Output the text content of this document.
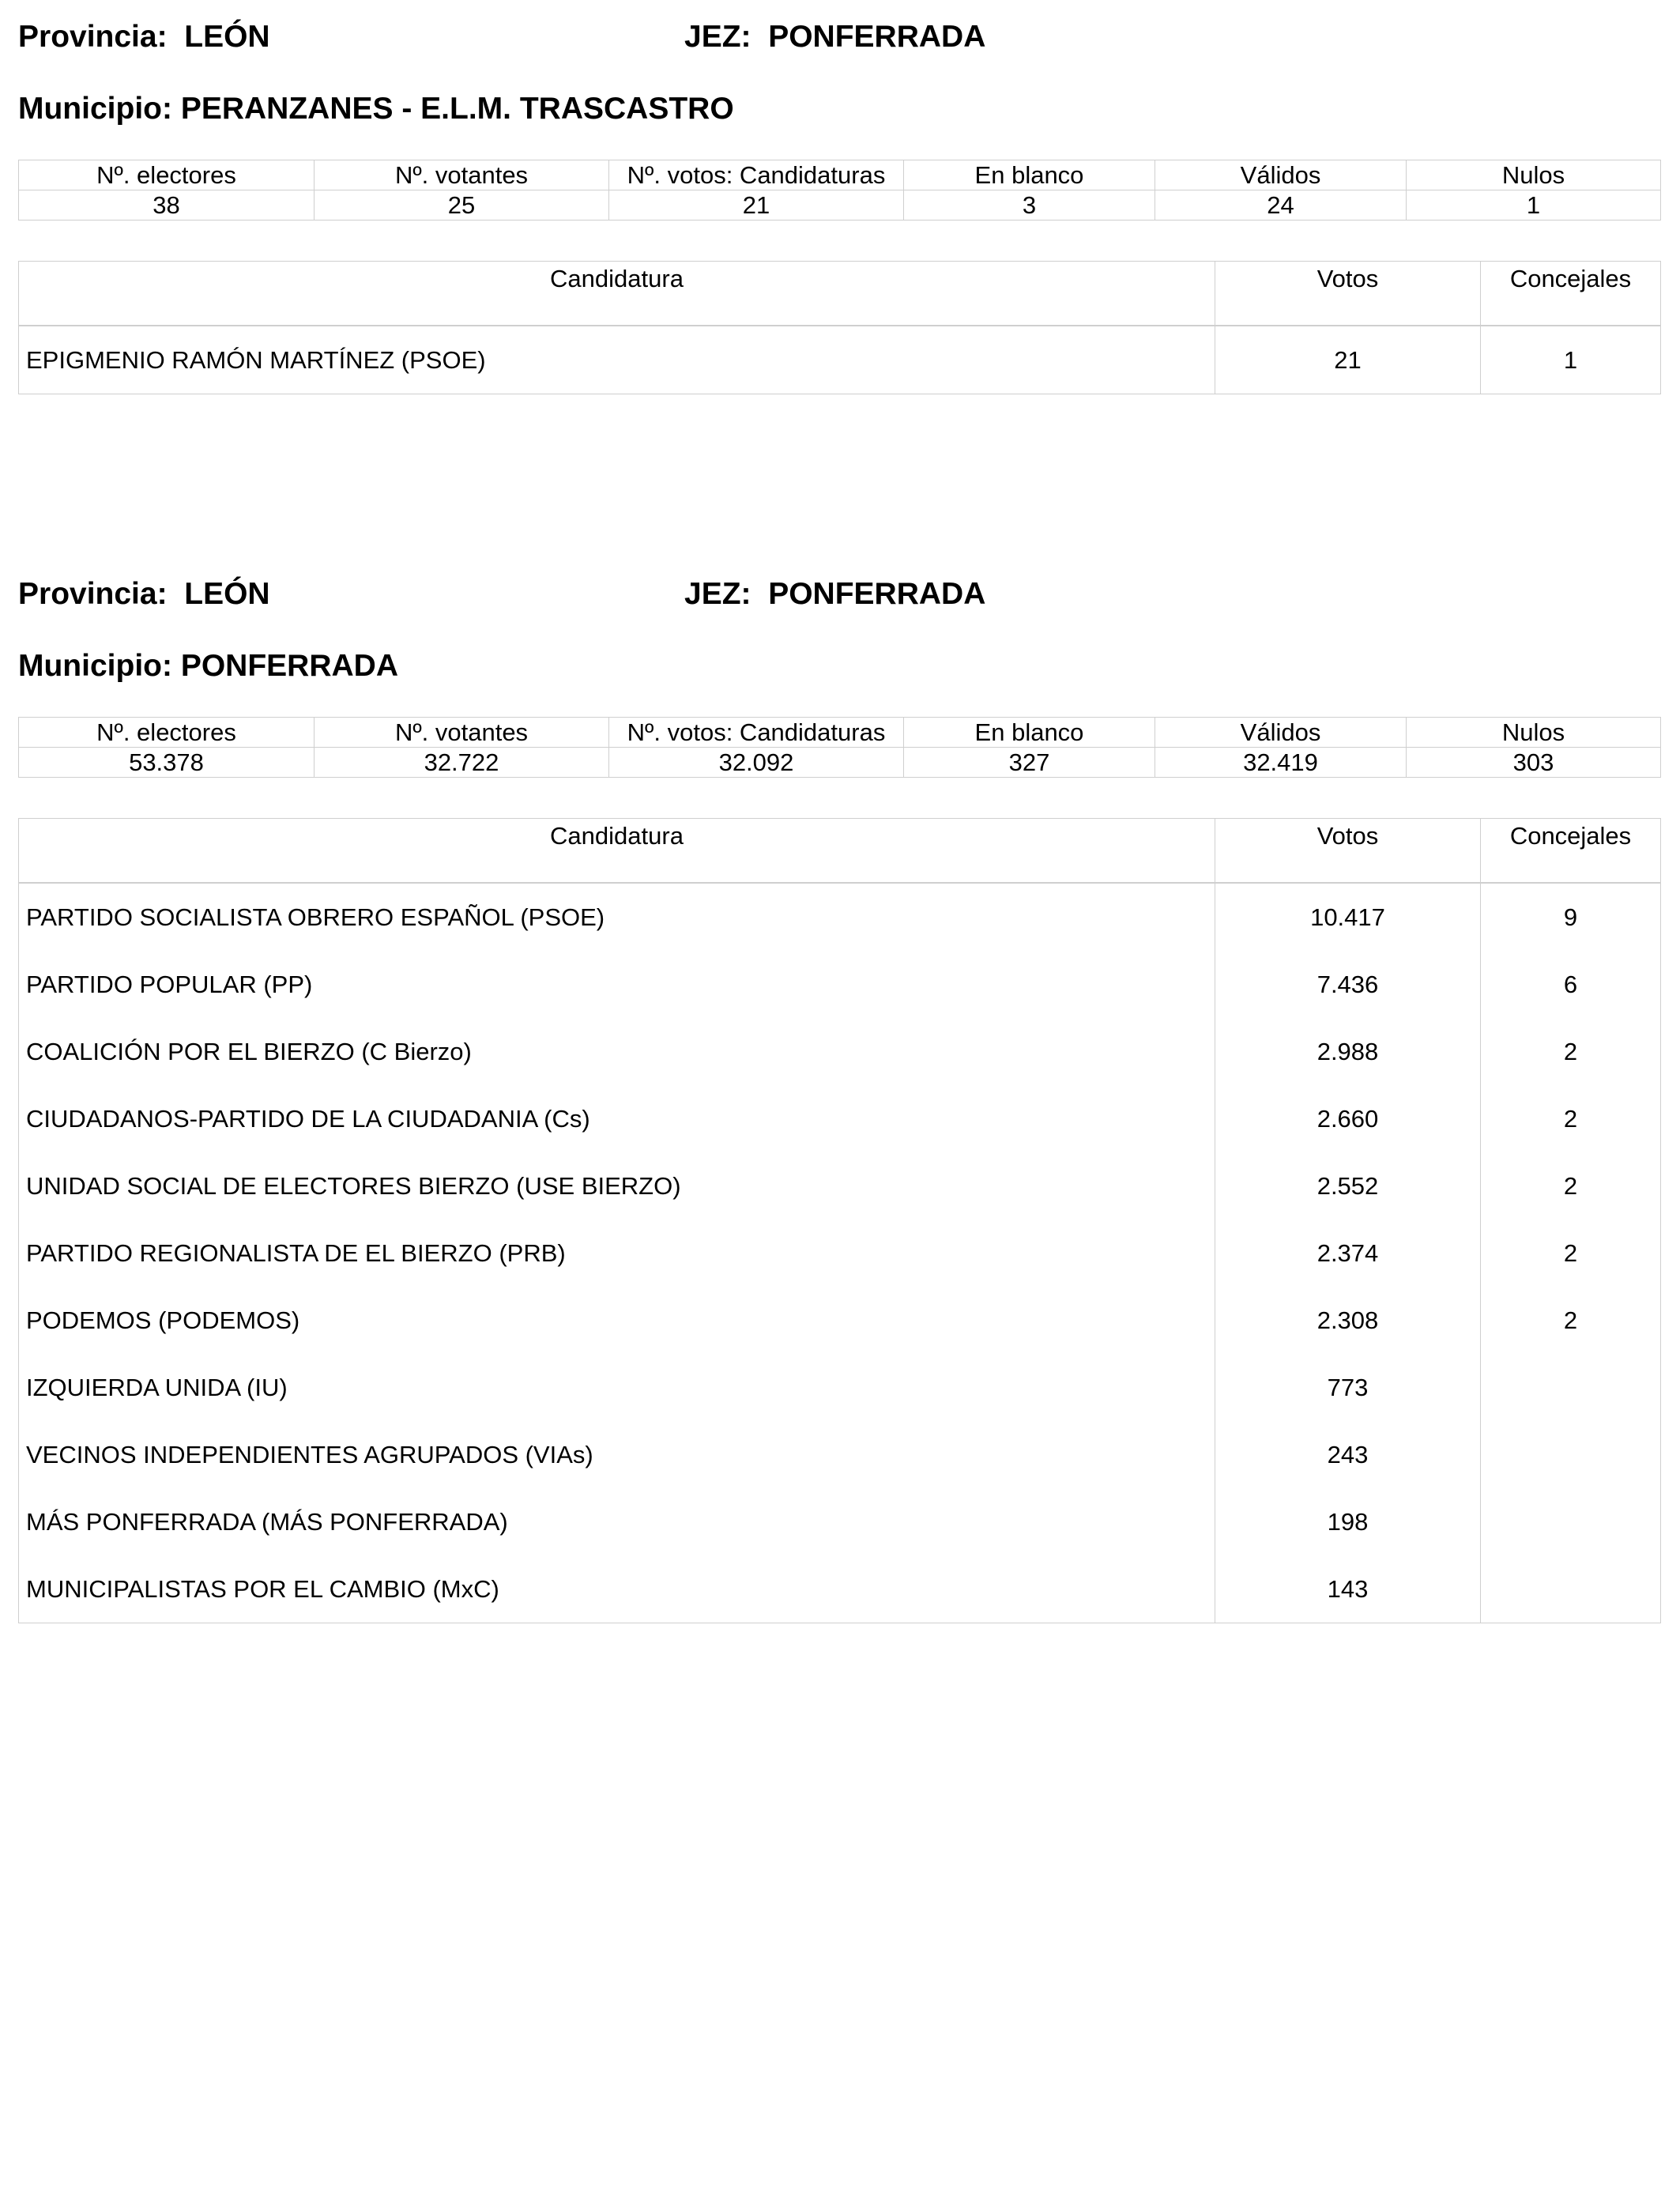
Provincia: LEÓN	JEZ: PONFERRADA
Municipio: PERANZANES - E.L.M. TRASCASTRO
Nº. electores	Nº. votantes	Nº. votos: Candidaturas	En blanco	Válidos	Nulos
38	25	21	3	24	1
Candidatura	Votos	Concejales
EPIGMENIO RAMÓN MARTÍNEZ (PSOE)	21	1
Provincia: LEÓN	JEZ: PONFERRADA
Municipio: PONFERRADA
Nº. electores	Nº. votantes	Nº. votos: Candidaturas	En blanco	Válidos	Nulos
53.378	32.722	32.092	327	32.419	303
Candidatura	Votos	Concejales
PARTIDO SOCIALISTA OBRERO ESPAÑOL (PSOE)	10.417	9
PARTIDO POPULAR (PP)	7.436	6
COALICIÓN POR EL BIERZO (C Bierzo)	2.988	2
CIUDADANOS-PARTIDO DE LA CIUDADANIA (Cs)	2.660	2
UNIDAD SOCIAL DE ELECTORES BIERZO (USE BIERZO)	2.552	2
PARTIDO REGIONALISTA DE EL BIERZO (PRB)	2.374	2
PODEMOS (PODEMOS)	2.308	2
IZQUIERDA UNIDA (IU)	773	
VECINOS INDEPENDIENTES AGRUPADOS (VIAs)	243	
MÁS PONFERRADA (MÁS PONFERRADA)	198	
MUNICIPALISTAS POR EL CAMBIO (MxC)	143	
